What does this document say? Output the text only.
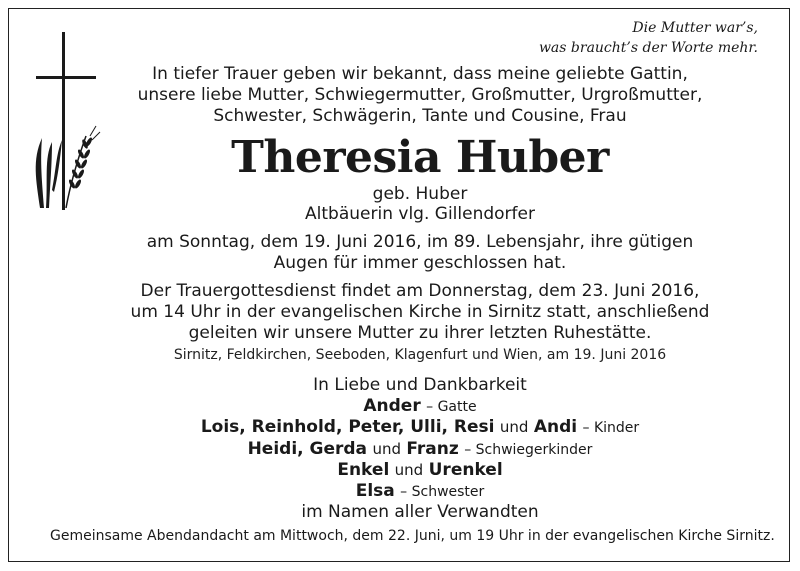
Die Mutter war’s,
was braucht’s der Worte mehr.
In tiefer Trauer geben wir bekannt, dass meine geliebte Gattin,
unsere liebe Mutter, Schwiegermutter, Großmutter, Urgroßmutter,
Schwester, Schwägerin, Tante und Cousine, Frau
Theresia Huber
geb. Huber
Altbäuerin vlg. Gillendorfer
am Sonntag, dem 19. Juni 2016, im 89. Lebensjahr, ihre gütigen
Augen für immer geschlossen hat.
Der Trauergottesdienst findet am Donnerstag, dem 23. Juni 2016,
um 14 Uhr in der evangelischen Kirche in Sirnitz statt, anschließend
geleiten wir unsere Mutter zu ihrer letzten Ruhestätte.
Sirnitz, Feldkirchen, Seeboden, Klagenfurt und Wien, am 19. Juni 2016
In Liebe und Dankbarkeit
Ander – Gatte
Lois, Reinhold, Peter, Ulli, Resi und Andi – Kinder
Heidi, Gerda und Franz – Schwiegerkinder
Enkel und Urenkel
Elsa – Schwester
im Namen aller Verwandten
Gemeinsame Abendandacht am Mittwoch, dem 22. Juni, um 19 Uhr in der evangelischen Kirche Sirnitz.
